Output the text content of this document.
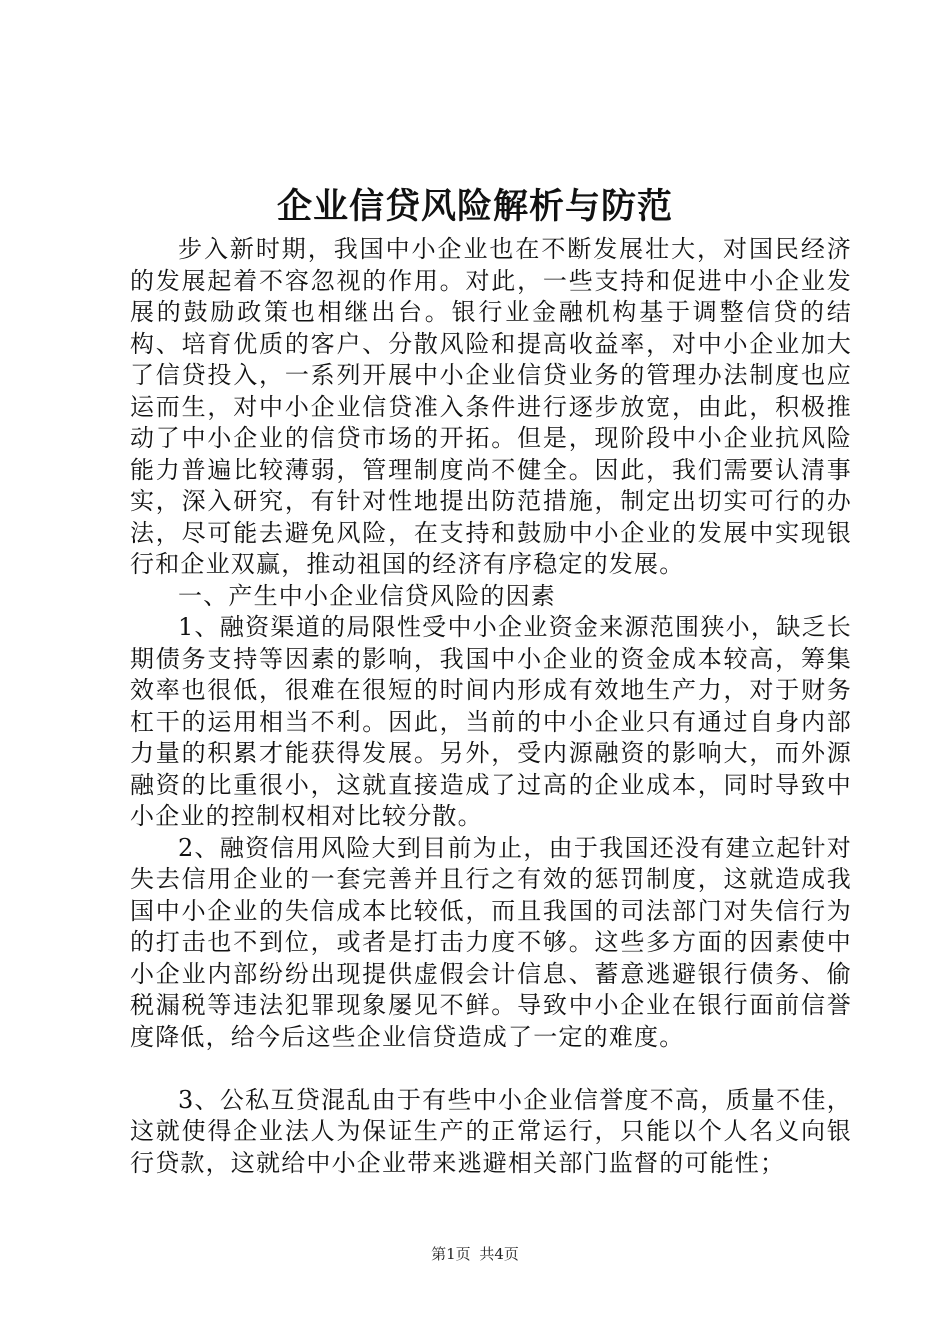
企业信贷风险解析与防范

步入新时期，我国中小企业也在不断发展壮大，对国民经济的发展起着不容忽视的作用。对此，一些支持和促进中小企业发展的鼓励政策也相继出台。银行业金融机构基于调整信贷的结构、培育优质的客户、分散风险和提高收益率，对中小企业加大了信贷投入，一系列开展中小企业信贷业务的管理办法制度也应运而生，对中小企业信贷准入条件进行逐步放宽，由此，积极推动了中小企业的信贷市场的开拓。但是，现阶段中小企业抗风险能力普遍比较薄弱，管理制度尚不健全。因此，我们需要认清事实，深入研究，有针对性地提出防范措施，制定出切实可行的办法，尽可能去避免风险，在支持和鼓励中小企业的发展中实现银行和企业双赢，推动祖国的经济有序稳定的发展。

一、产生中小企业信贷风险的因素

1、融资渠道的局限性受中小企业资金来源范围狭小，缺乏长期债务支持等因素的影响，我国中小企业的资金成本较高，筹集效率也很低，很难在很短的时间内形成有效地生产力，对于财务杠干的运用相当不利。因此，当前的中小企业只有通过自身内部力量的积累才能获得发展。另外，受内源融资的影响大，而外源融资的比重很小，这就直接造成了过高的企业成本，同时导致中小企业的控制权相对比较分散。

2、融资信用风险大到目前为止，由于我国还没有建立起针对失去信用企业的一套完善并且行之有效的惩罚制度，这就造成我国中小企业的失信成本比较低，而且我国的司法部门对失信行为的打击也不到位，或者是打击力度不够。这些多方面的因素使中小企业内部纷纷出现提供虚假会计信息、蓄意逃避银行债务、偷税漏税等违法犯罪现象屡见不鲜。导致中小企业在银行面前信誉度降低，给今后这些企业信贷造成了一定的难度。

3、公私互贷混乱由于有些中小企业信誉度不高，质量不佳，这就使得企业法人为保证生产的正常运行，只能以个人名义向银行贷款，这就给中小企业带来逃避相关部门监督的可能性；

第1页 共4页
